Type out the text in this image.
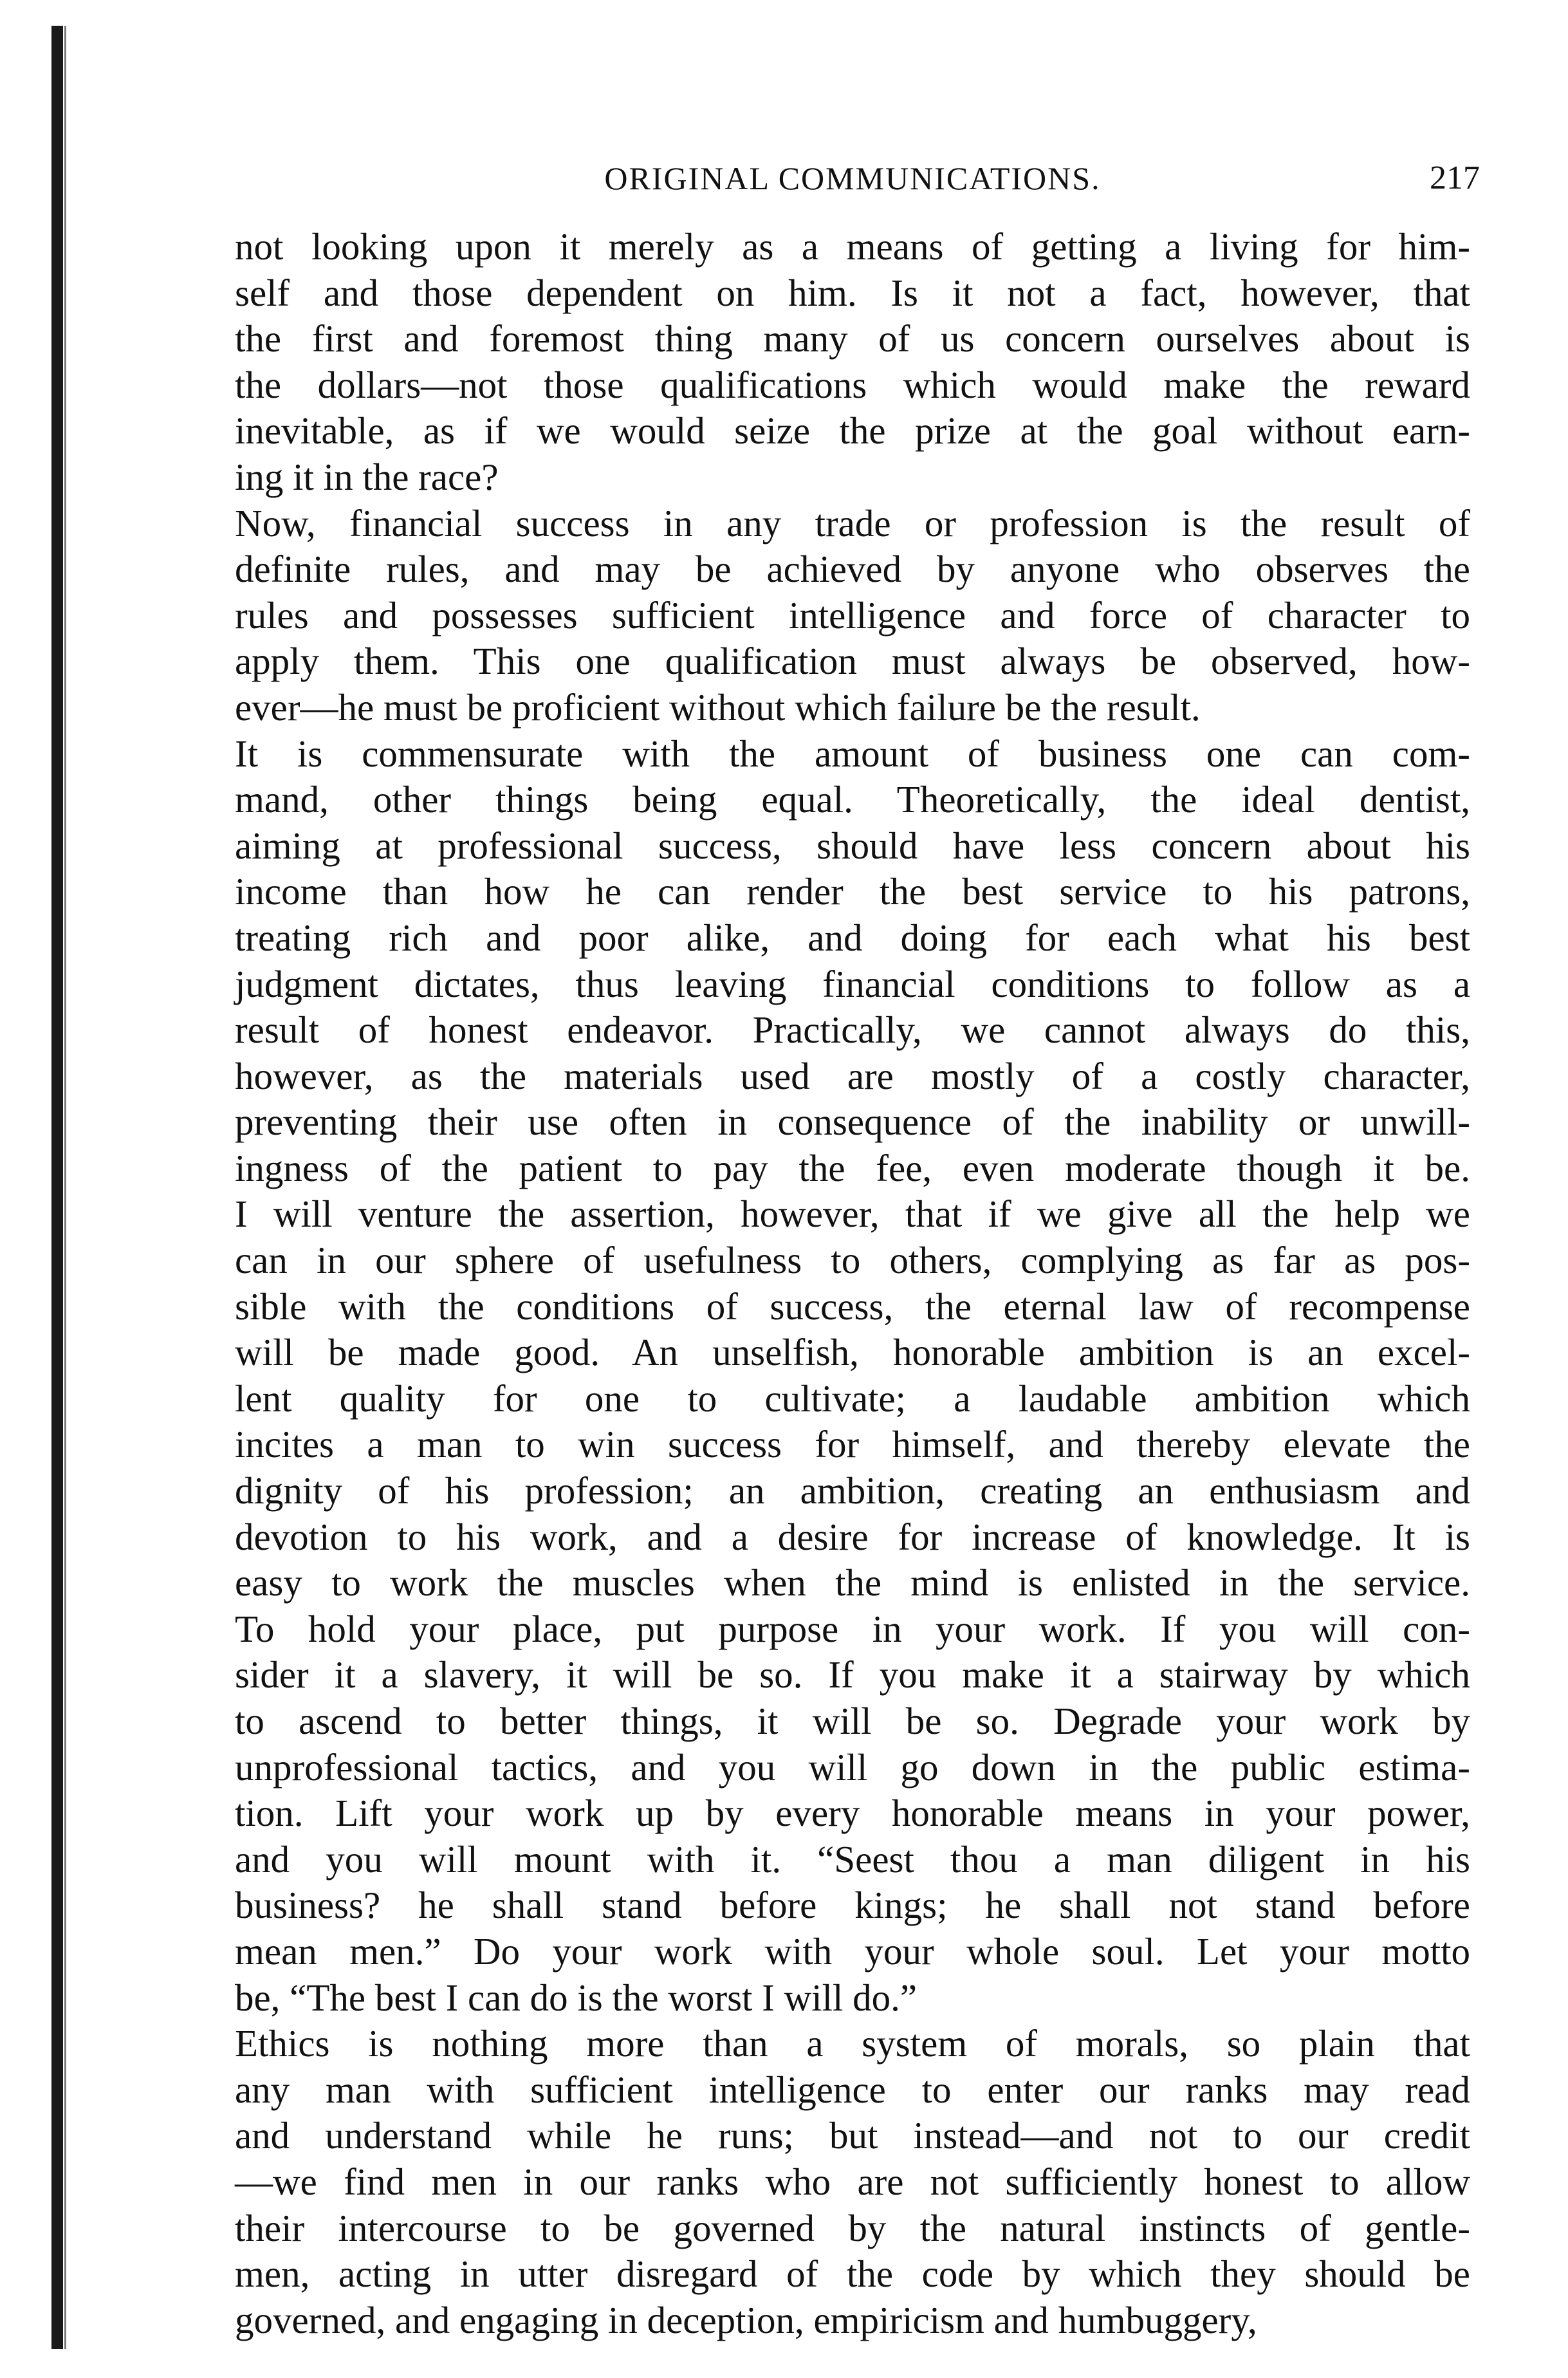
ORIGINAL COMMUNICATIONS.	217
not looking upon it merely as a means of getting a living for him-
self and those dependent on him. Is it not a fact, however, that
the first and foremost thing many of us concern ourselves about is
the dollars—not those qualifications which would make the reward
inevitable, as if we would seize the prize at the goal without earn-
ing it in the race?
Now, financial success in any trade or profession is the result of
definite rules, and may be achieved by anyone who observes the
rules and possesses sufficient intelligence and force of character to
apply them. This one qualification must always be observed, how-
ever—he must be proficient without which failure be the result.
It is commensurate with the amount of business one can com-
mand, other things being equal. Theoretically, the ideal dentist,
aiming at professional success, should have less concern about his
income than how he can render the best service to his patrons,
treating rich and poor alike, and doing for each what his best
judgment dictates, thus leaving financial conditions to follow as a
result of honest endeavor. Practically, we cannot always do this,
however, as the materials used are mostly of a costly character,
preventing their use often in consequence of the inability or unwill-
ingness of the patient to pay the fee, even moderate though it be.
I will venture the assertion, however, that if we give all the help we
can in our sphere of usefulness to others, complying as far as pos-
sible with the conditions of success, the eternal law of recompense
will be made good. An unselfish, honorable ambition is an excel-
lent quality for one to cultivate; a laudable ambition which
incites a man to win success for himself, and thereby elevate the
dignity of his profession; an ambition, creating an enthusiasm and
devotion to his work, and a desire for increase of knowledge. It is
easy to work the muscles when the mind is enlisted in the service.
To hold your place, put purpose in your work. If you will con-
sider it a slavery, it will be so. If you make it a stairway by which
to ascend to better things, it will be so. Degrade your work by
unprofessional tactics, and you will go down in the public estima-
tion. Lift your work up by every honorable means in your power,
and you will mount with it. “Seest thou a man diligent in his
business? he shall stand before kings; he shall not stand before
mean men.” Do your work with your whole soul. Let your motto
be, “The best I can do is the worst I will do.”
Ethics is nothing more than a system of morals, so plain that
any man with sufficient intelligence to enter our ranks may read
and understand while he runs; but instead—and not to our credit
—we find men in our ranks who are not sufficiently honest to allow
their intercourse to be governed by the natural instincts of gentle-
men, acting in utter disregard of the code by which they should be
governed, and engaging in deception, empiricism and humbuggery,
